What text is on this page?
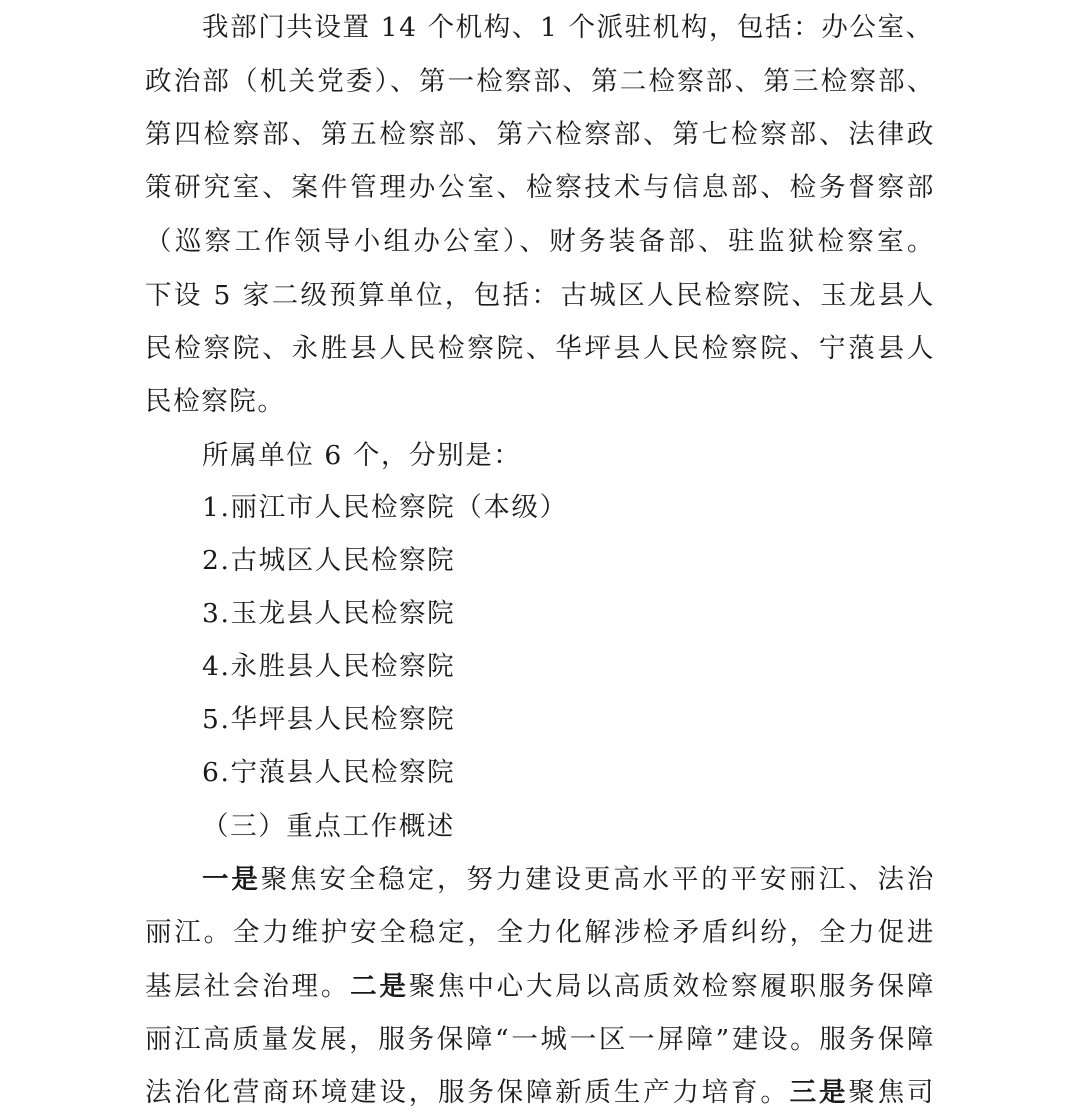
我部门共设置 14 个机构、1 个派驻机构，包括：办公室、
政治部（机关党委）、第一检察部、第二检察部、第三检察部、
第四检察部、第五检察部、第六检察部、第七检察部、法律政
策研究室、案件管理办公室、检察技术与信息部、检务督察部
（巡察工作领导小组办公室）、财务装备部、驻监狱检察室。
下设 5 家二级预算单位，包括：古城区人民检察院、玉龙县人
民检察院、永胜县人民检察院、华坪县人民检察院、宁蒗县人
民检察院。
所属单位 6 个，分别是：
1.丽江市人民检察院（本级）
2.古城区人民检察院
3.玉龙县人民检察院
4.永胜县人民检察院
5.华坪县人民检察院
6.宁蒗县人民检察院
（三）重点工作概述
一是聚焦安全稳定，努力建设更高水平的平安丽江、法治
丽江。全力维护安全稳定，全力化解涉检矛盾纠纷，全力促进
基层社会治理。二是聚焦中心大局以高质效检察履职服务保障
丽江高质量发展，服务保障“一城一区一屏障”建设。服务保障
法治化营商环境建设，服务保障新质生产力培育。三是聚焦司
